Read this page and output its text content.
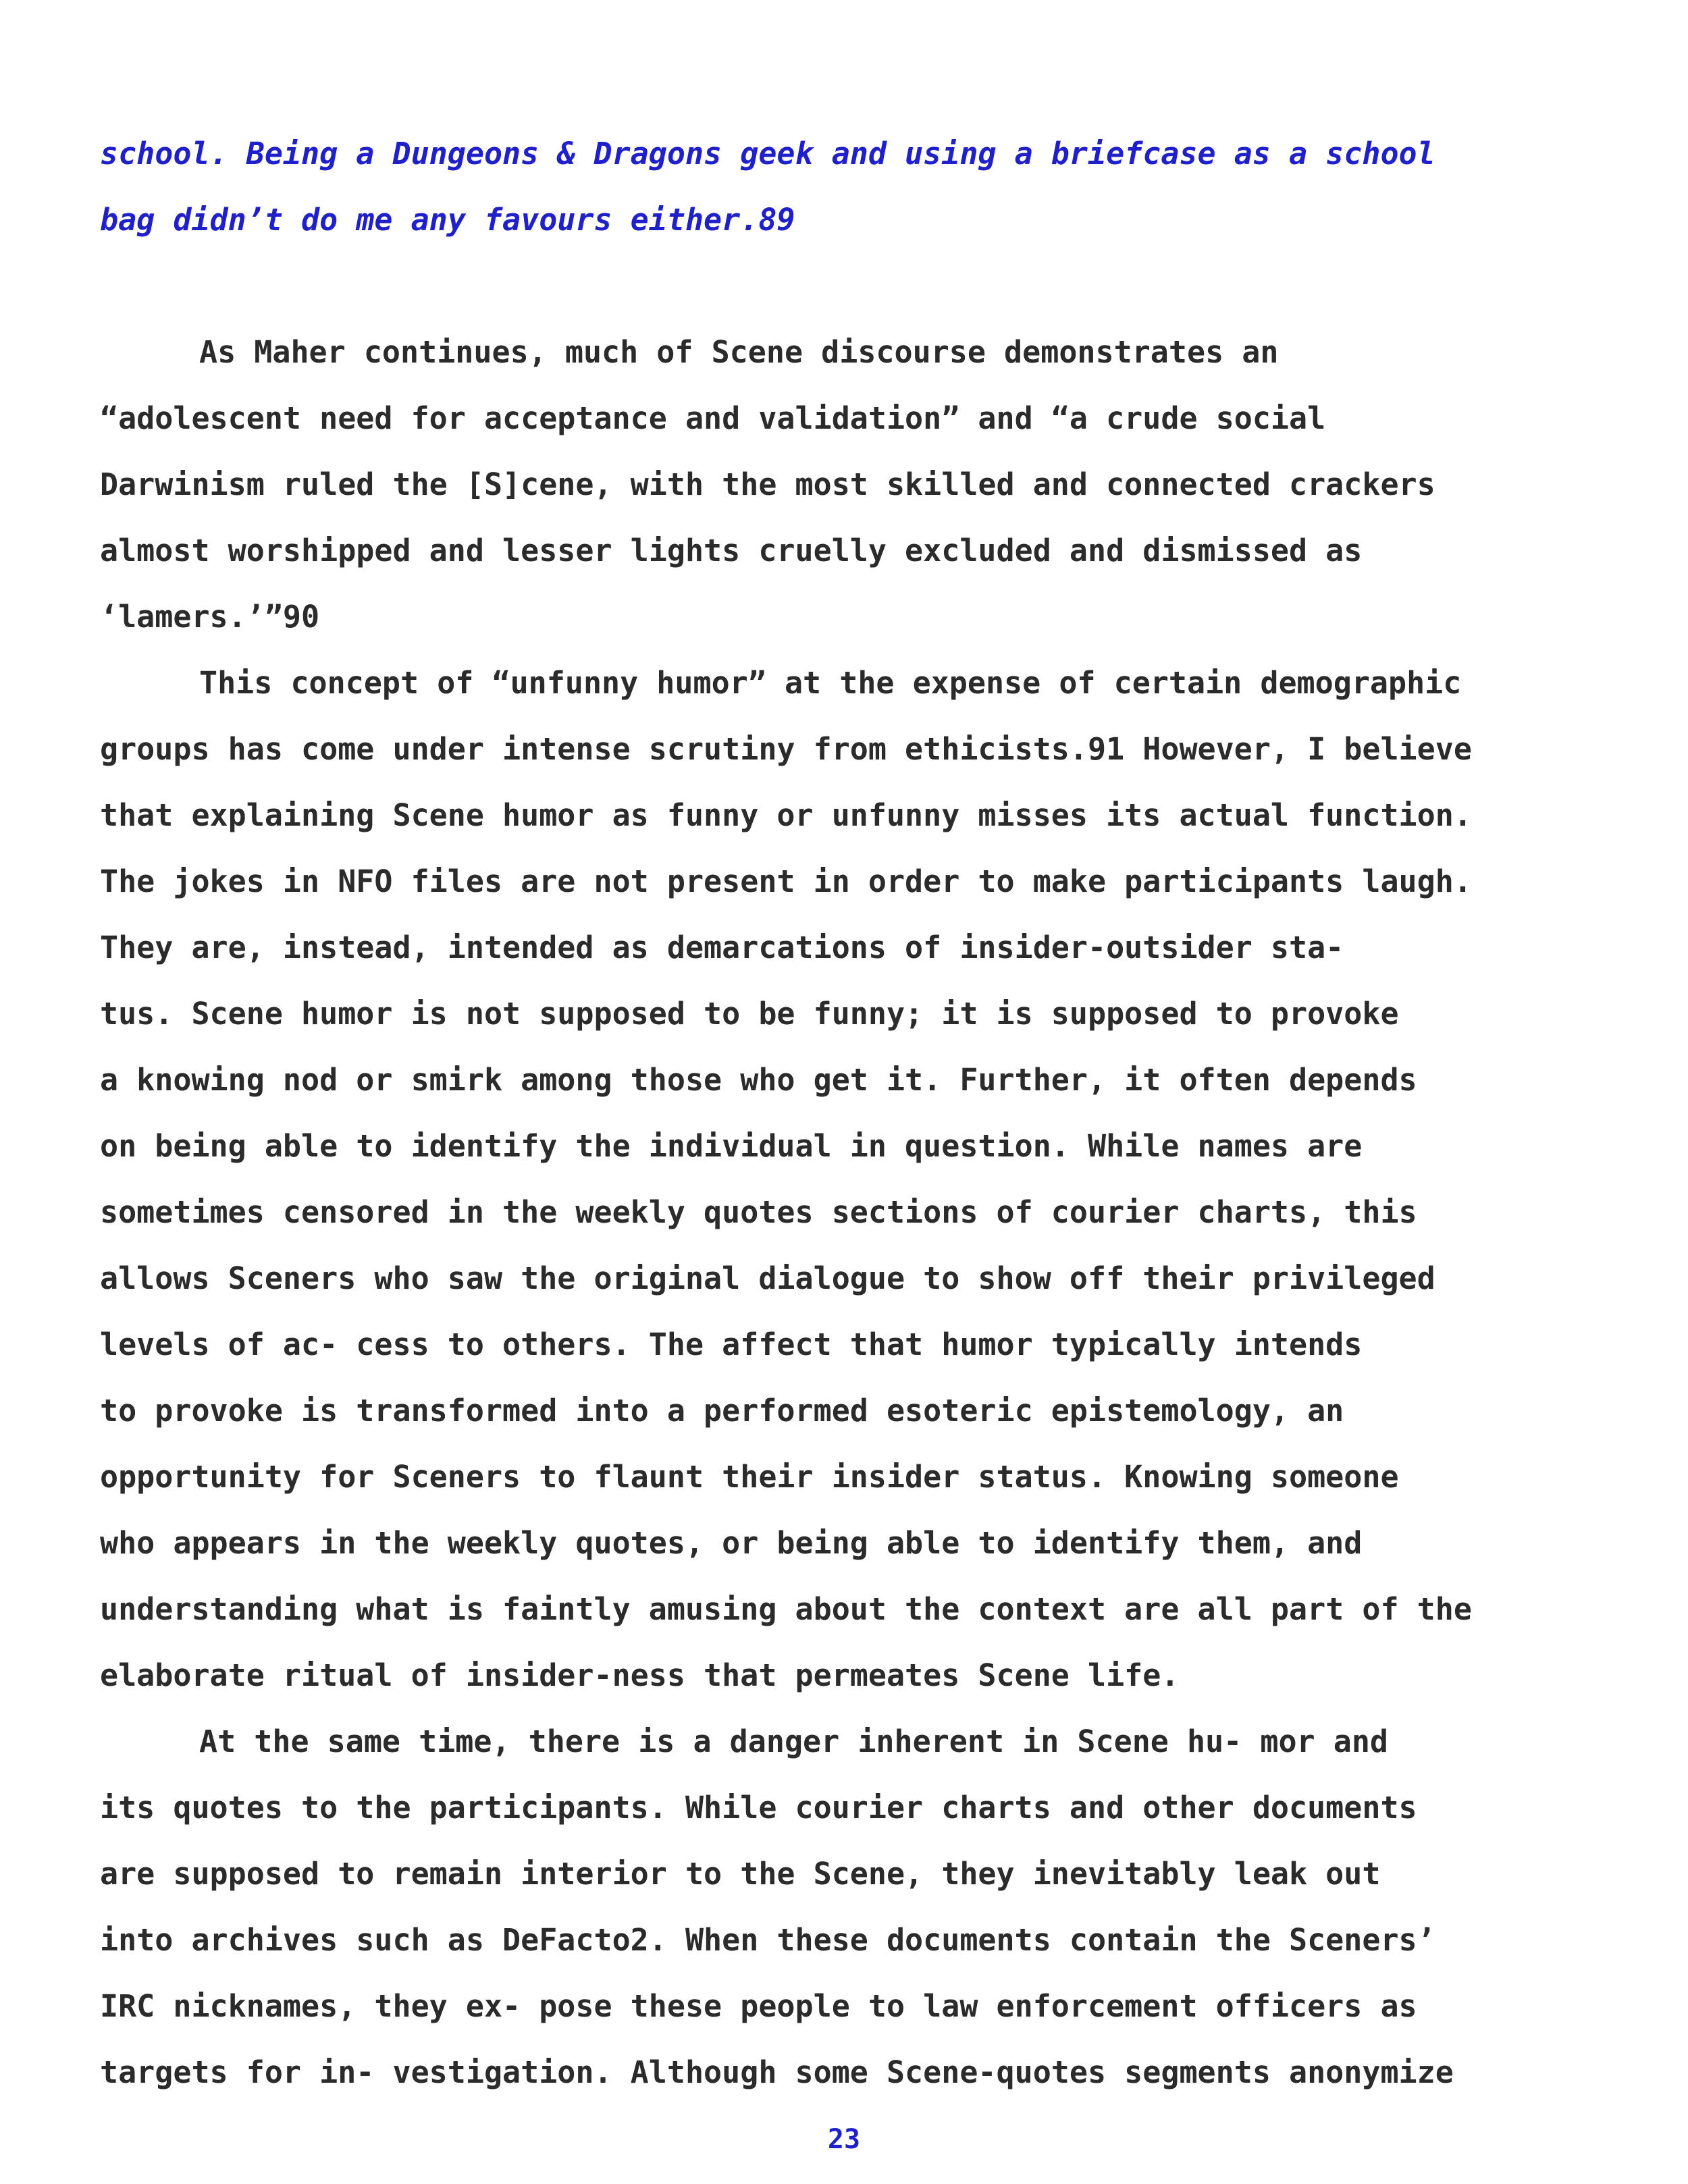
school. Being a Dungeons & Dragons geek and using a briefcase as a school

bag didn’t do me any favours either.89

As Maher continues, much of Scene discourse demonstrates an

“adolescent need for acceptance and validation” and “a crude social

Darwinism ruled the [S]cene, with the most skilled and connected crackers

almost worshipped and lesser lights cruelly excluded and dismissed as

‘lamers.’”90

This concept of “unfunny humor” at the expense of certain demographic

groups has come under intense scrutiny from ethicists.91 However, I believe

that explaining Scene humor as funny or unfunny misses its actual function.

The jokes in NFO files are not present in order to make participants laugh.

They are, instead, intended as demarcations of insider-outsider sta-

tus. Scene humor is not supposed to be funny; it is supposed to provoke

a knowing nod or smirk among those who get it. Further, it often depends

on being able to identify the individual in question. While names are

sometimes censored in the weekly quotes sections of courier charts, this

allows Sceners who saw the original dialogue to show off their privileged

levels of ac- cess to others. The affect that humor typically intends

to provoke is transformed into a performed esoteric epistemology, an

opportunity for Sceners to flaunt their insider status. Knowing someone

who appears in the weekly quotes, or being able to identify them, and

understanding what is faintly amusing about the context are all part of the

elaborate ritual of insider-ness that permeates Scene life.

At the same time, there is a danger inherent in Scene hu- mor and

its quotes to the participants. While courier charts and other documents

are supposed to remain interior to the Scene, they inevitably leak out

into archives such as DeFacto2. When these documents contain the Sceners’

IRC nicknames, they ex- pose these people to law enforcement officers as

targets for in- vestigation. Although some Scene-quotes segments anonymize

23
